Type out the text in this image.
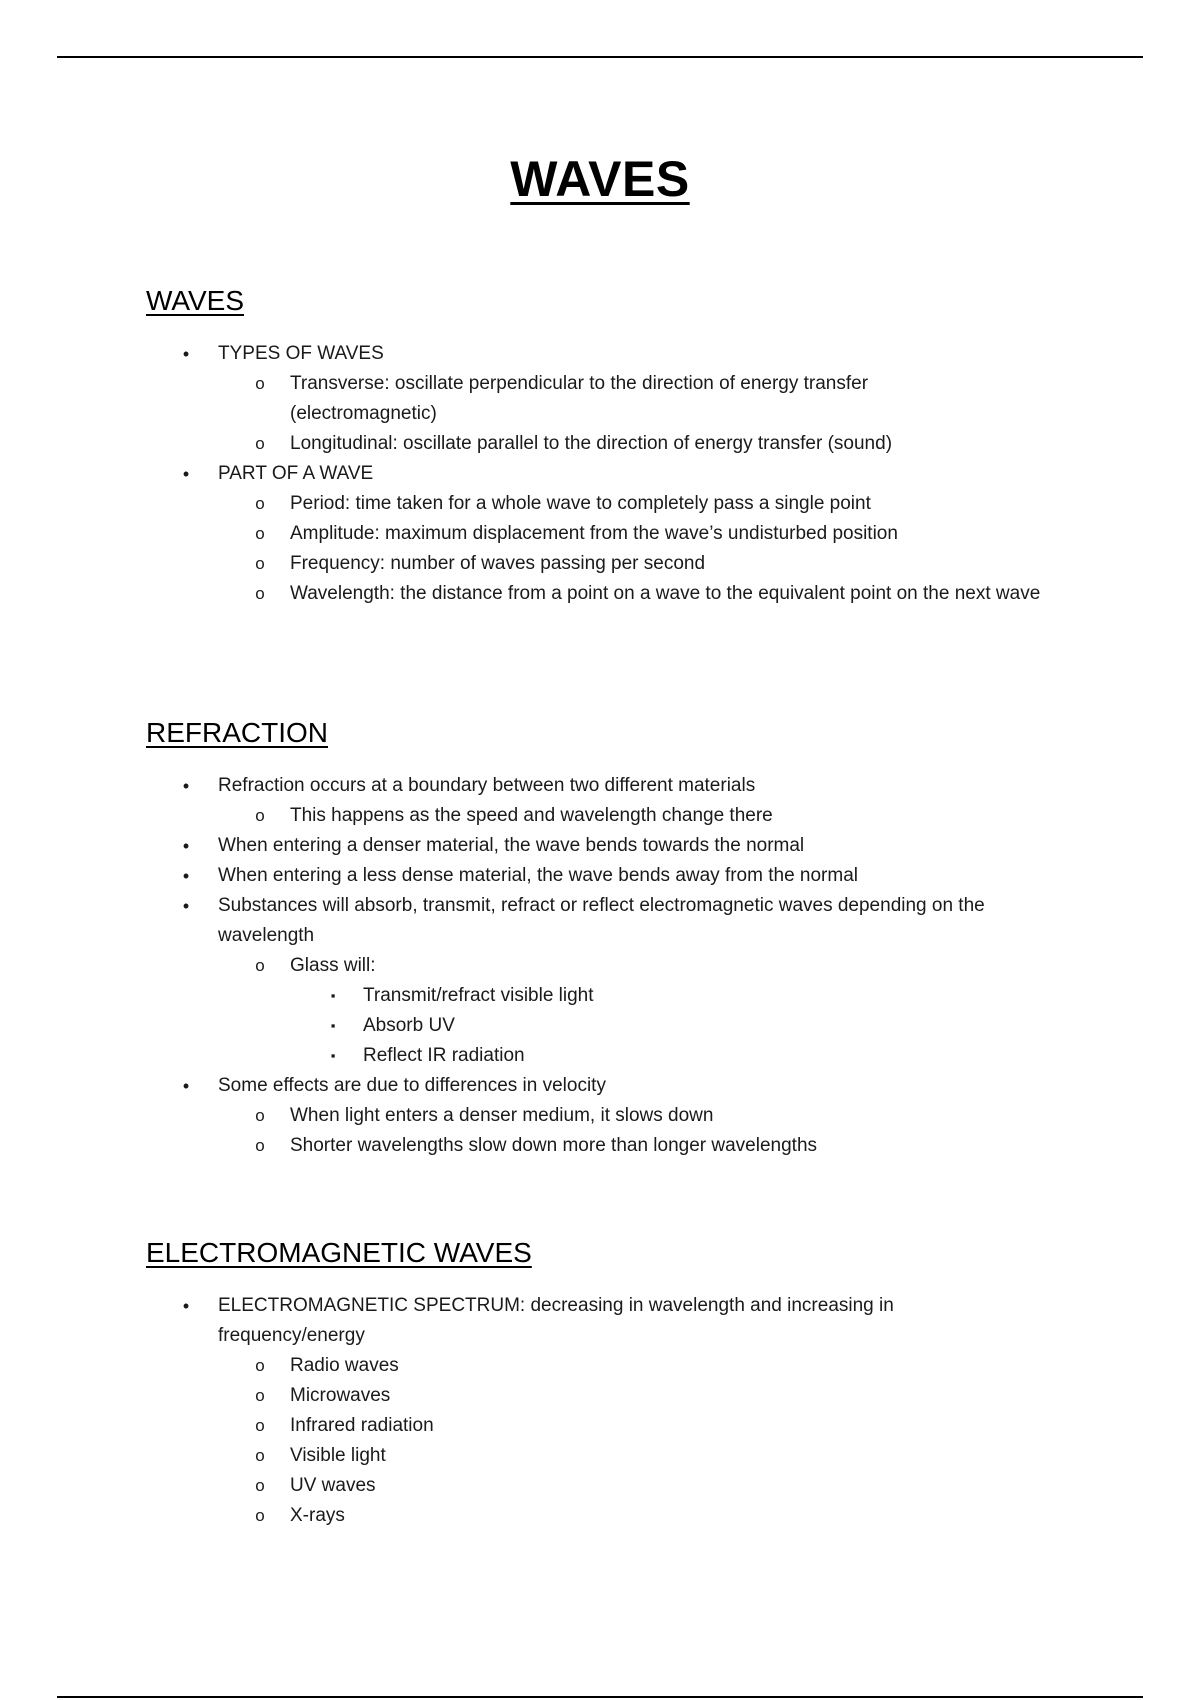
WAVES
WAVES
•	TYPES OF WAVES
o Transverse: oscillate perpendicular to the direction of energy transfer (electromagnetic)
o Longitudinal: oscillate parallel to the direction of energy transfer (sound)
•	PART OF A WAVE
o Period: time taken for a whole wave to completely pass a single point
o Amplitude: maximum displacement from the wave’s undisturbed position
o Frequency: number of waves passing per second
o Wavelength: the distance from a point on a wave to the equivalent point on the next wave
REFRACTION
•	Refraction occurs at a boundary between two different materials
o This happens as the speed and wavelength change there
•	When entering a denser material, the wave bends towards the normal
•	When entering a less dense material, the wave bends away from the normal
•	Substances will absorb, transmit, refract or reflect electromagnetic waves depending on the wavelength
o Glass will:
▪	Transmit/refract visible light
▪	Absorb UV
▪	Reflect IR radiation
•	Some effects are due to differences in velocity
o When light enters a denser medium, it slows down
o Shorter wavelengths slow down more than longer wavelengths
ELECTROMAGNETIC WAVES
•	ELECTROMAGNETIC SPECTRUM: decreasing in wavelength and increasing in frequency/energy
o Radio waves
o Microwaves
o Infrared radiation
o Visible light
o UV waves
o X-rays
